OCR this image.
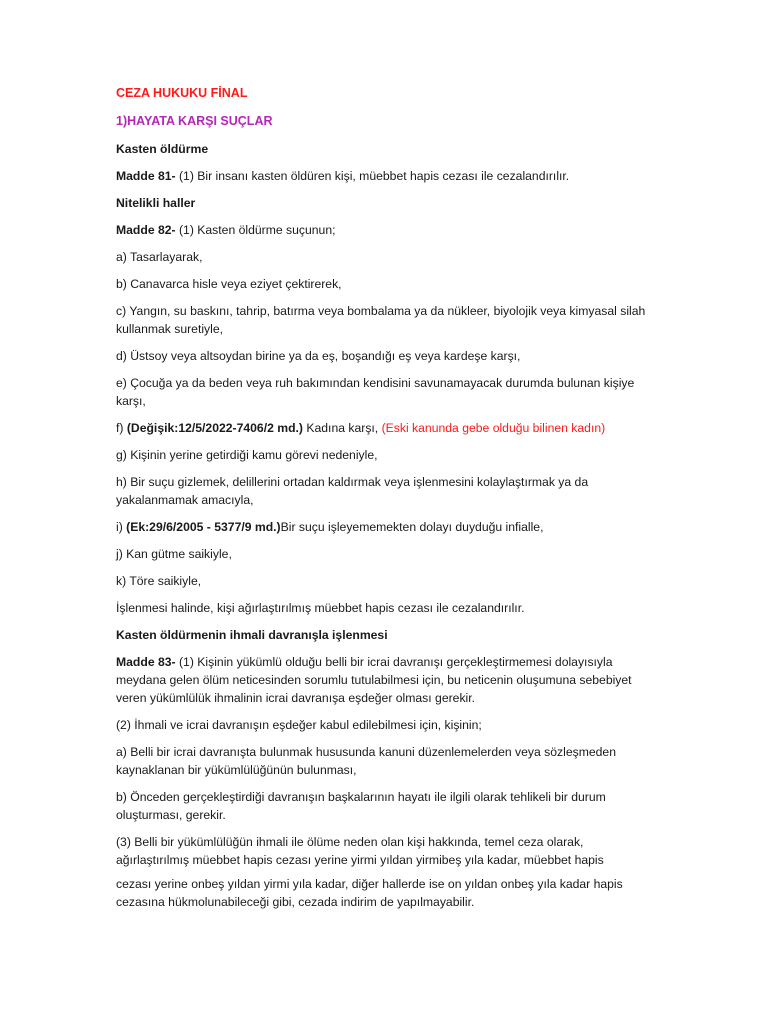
CEZA HUKUKU FİNAL

1)HAYATA KARŞI SUÇLAR

Kasten öldürme

Madde 81- (1) Bir insanı kasten öldüren kişi, müebbet hapis cezası ile cezalandırılır.

Nitelikli haller

Madde 82- (1) Kasten öldürme suçunun;

a) Tasarlayarak,

b) Canavarca hisle veya eziyet çektirerek,

c) Yangın, su baskını, tahrip, batırma veya bombalama ya da nükleer, biyolojik veya kimyasal silah kullanmak suretiyle,

d) Üstsoy veya altsoydan birine ya da eş, boşandığı eş veya kardeşe karşı,

e) Çocuğa ya da beden veya ruh bakımından kendisini savunamayacak durumda bulunan kişiye karşı,

f) (Değişik:12/5/2022-7406/2 md.) Kadına karşı, (Eski kanunda gebe olduğu bilinen kadın)

g) Kişinin yerine getirdiği kamu görevi nedeniyle,

h) Bir suçu gizlemek, delillerini ortadan kaldırmak veya işlenmesini kolaylaştırmak ya da yakalanmamak amacıyla,

i) (Ek:29/6/2005 - 5377/9 md.)Bir suçu işleyememekten dolayı duyduğu infialle,

j) Kan gütme saikiyle,

k) Töre saikiyle,

İşlenmesi halinde, kişi ağırlaştırılmış müebbet hapis cezası ile cezalandırılır.

Kasten öldürmenin ihmali davranışla işlenmesi

Madde 83- (1) Kişinin yükümlü olduğu belli bir icrai davranışı gerçekleştirmemesi dolayısıyla meydana gelen ölüm neticesinden sorumlu tutulabilmesi için, bu neticenin oluşumuna sebebiyet veren yükümlülük ihmalinin icrai davranışa eşdeğer olması gerekir.

(2) İhmali ve icrai davranışın eşdeğer kabul edilebilmesi için, kişinin;

a) Belli bir icrai davranışta bulunmak hususunda kanuni düzenlemelerden veya sözleşmeden kaynaklanan bir yükümlülüğünün bulunması,

b) Önceden gerçekleştirdiği davranışın başkalarının hayatı ile ilgili olarak tehlikeli bir durum oluşturması, gerekir.

(3) Belli bir yükümlülüğün ihmali ile ölüme neden olan kişi hakkında, temel ceza olarak, ağırlaştırılmış müebbet hapis cezası yerine yirmi yıldan yirmibeş yıla kadar, müebbet hapis

cezası yerine onbeş yıldan yirmi yıla kadar, diğer hallerde ise on yıldan onbeş yıla kadar hapis cezasına hükmolunabileceği gibi, cezada indirim de yapılmayabilir.
